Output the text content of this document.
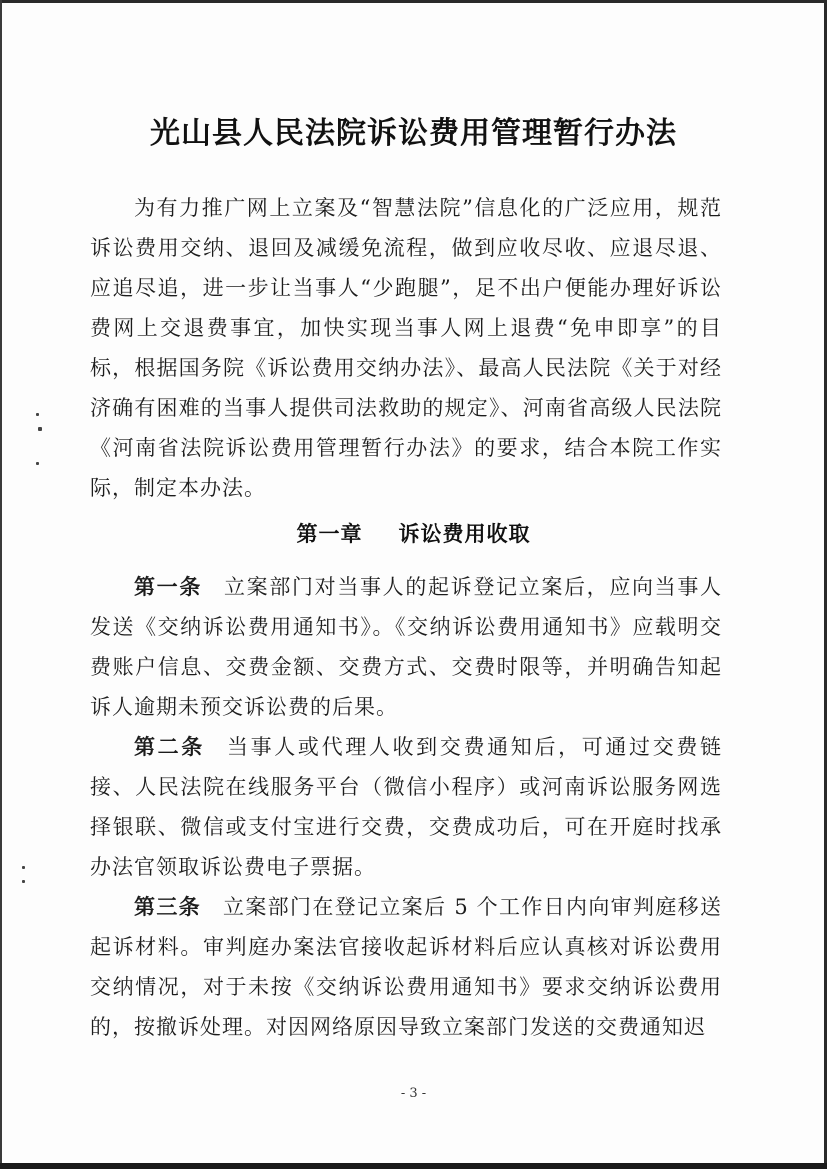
光山县人民法院诉讼费用管理暂行办法
为有力推广网上立案及“智慧法院”信息化的广泛应用，规范诉讼费用交纳、退回及减缓免流程，做到应收尽收、应退尽退、应追尽追，进一步让当事人“少跑腿”，足不出户便能办理好诉讼费网上交退费事宜，加快实现当事人网上退费“免申即享”的目标，根据国务院《诉讼费用交纳办法》、最高人民法院《关于对经济确有困难的当事人提供司法救助的规定》、河南省高级人民法院《河南省法院诉讼费用管理暂行办法》的要求，结合本院工作实际，制定本办法。
第一章 诉讼费用收取
第一条 立案部门对当事人的起诉登记立案后，应向当事人发送《交纳诉讼费用通知书》。《交纳诉讼费用通知书》应载明交费账户信息、交费金额、交费方式、交费时限等，并明确告知起诉人逾期未预交诉讼费的后果。
第二条 当事人或代理人收到交费通知后，可通过交费链接、人民法院在线服务平台（微信小程序）或河南诉讼服务网选择银联、微信或支付宝进行交费，交费成功后，可在开庭时找承办法官领取诉讼费电子票据。
第三条 立案部门在登记立案后 5 个工作日内向审判庭移送起诉材料。审判庭办案法官接收起诉材料后应认真核对诉讼费用交纳情况，对于未按《交纳诉讼费用通知书》要求交纳诉讼费用的，按撤诉处理。对因网络原因导致立案部门发送的交费通知迟
- 3 -
